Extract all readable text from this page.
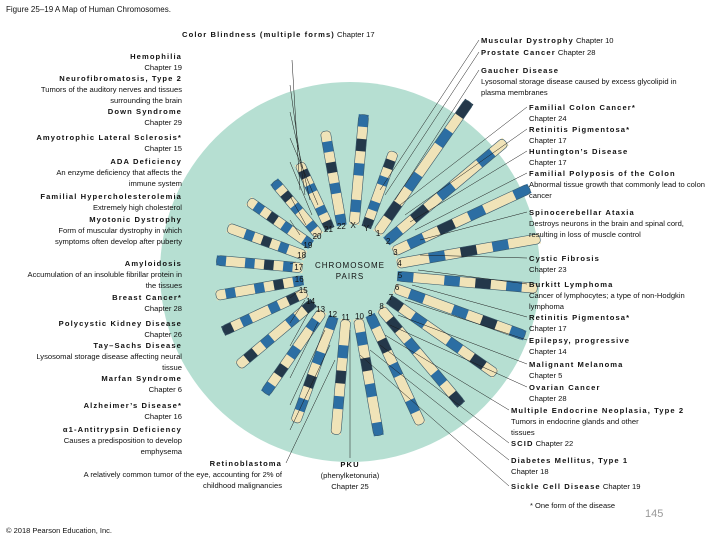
Figure 25–19 A Map of Human Chromosomes.
CHROMOSOME PAIRS
22 X Y
1
2
3
4
5
6
7
8
9
10
11
12
13
14
15
16
17
18
19
20
21
Color Blindness (multiple forms) Chapter 17
Hemophilia
Chapter 19
Neurofibromatosis, Type 2
Tumors of the auditory nerves and tissues surrounding the brain
Down Syndrome
Chapter 29
Amyotrophic Lateral Sclerosis*
Chapter 15
ADA Deficiency
An enzyme deficiency that affects the immune system
Familial Hypercholesterolemia
Extremely high cholesterol
Myotonic Dystrophy
Form of muscular dystrophy in which symptoms often develop after puberty
Amyloidosis
Accumulation of an insoluble fibrillar protein in the tissues
Breast Cancer*
Chapter 28
Polycystic Kidney Disease
Chapter 26
Tay–Sachs Disease
Lysosomal storage disease affecting neural tissue
Marfan Syndrome
Chapter 6
Alzheimer’s Disease*
Chapter 16
α1-Antitrypsin Deficiency
Causes a predisposition to develop emphysema
Retinoblastoma
A relatively common tumor of the eye, accounting for 2% of childhood malignancies
PKU
(phenylketonuria) Chapter 25
Muscular Dystrophy Chapter 10
Prostate Cancer Chapter 28
Gaucher Disease
Lysosomal storage disease caused by excess glycolipid in plasma membranes
Familial Colon Cancer*
Chapter 24
Retinitis Pigmentosa*
Chapter 17
Huntington’s Disease
Chapter 17
Familial Polyposis of the Colon
Abnormal tissue growth that commonly lead to colon cancer
Spinocerebellar Ataxia
Destroys neurons in the brain and spinal cord, resulting in loss of muscle control
Cystic Fibrosis
Chapter 23
Burkitt Lymphoma
Cancer of lymphocytes; a type of non-Hodgkin lymphoma
Retinitis Pigmentosa*
Chapter 17
Epilepsy, progressive
Chapter 14
Malignant Melanoma
Chapter 5
Ovarian Cancer
Chapter 28
Multiple Endocrine Neoplasia, Type 2
Tumors in endocrine glands and other tissues
SCID Chapter 22
Diabetes Mellitus, Type 1
Chapter 18
Sickle Cell Disease Chapter 19
* One form of the disease
145
© 2018 Pearson Education, Inc.
